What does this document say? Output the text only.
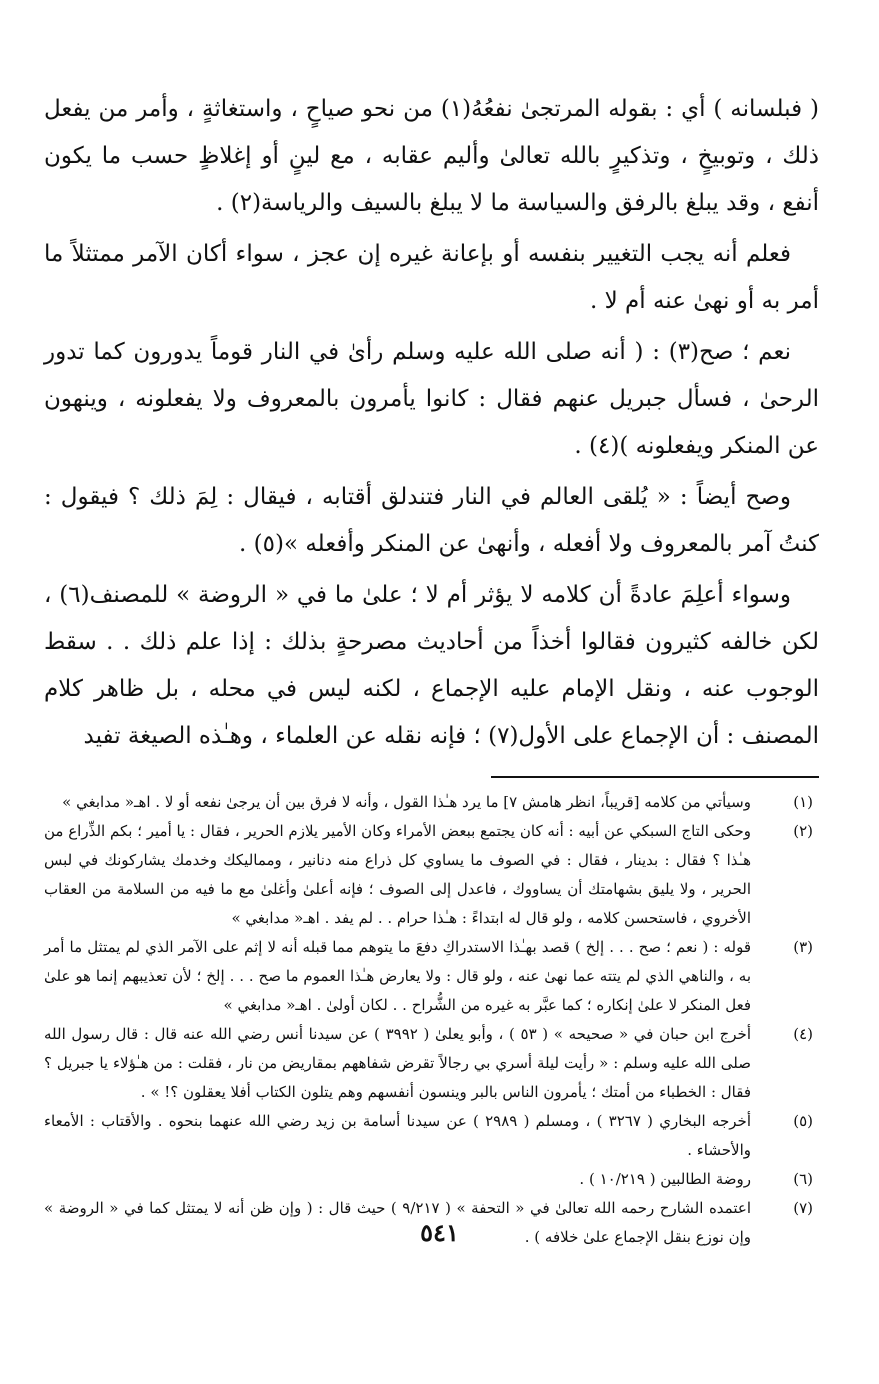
( فبلسانه ) أي : بقوله المرتجىٰ نفعُهُ(١) من نحو صياحٍ ، واستغاثةٍ ، وأمر من يفعل ذلك ، وتوبيخٍ ، وتذكيرٍ بالله تعالىٰ وأليم عقابه ، مع لينٍ أو إغلاظٍ حسب ما يكون أنفع ، وقد يبلغ بالرفق والسياسة ما لا يبلغ بالسيف والرياسة(٢) .

فعلم أنه يجب التغيير بنفسه أو بإعانة غيره إن عجز ، سواء أكان الآمر ممتثلاً ما أمر به أو نهىٰ عنه أم لا .

نعم ؛ صح(٣) : ( أنه صلى الله عليه وسلم رأىٰ في النار قوماً يدورون كما تدور الرحىٰ ، فسأل جبريل عنهم فقال : كانوا يأمرون بالمعروف ولا يفعلونه ، وينهون عن المنكر ويفعلونه )(٤) .

وصح أيضاً : « يُلقى العالم في النار فتندلق أقتابه ، فيقال : لِمَ ذلك ؟ فيقول : كنتُ آمر بالمعروف ولا أفعله ، وأنهىٰ عن المنكر وأفعله »(٥) .

وسواء أعلِمَ عادةً أن كلامه لا يؤثر أم لا ؛ علىٰ ما في « الروضة » للمصنف(٦) ، لكن خالفه كثيرون فقالوا أخذاً من أحاديث مصرحةٍ بذلك : إذا علم ذلك . . سقط الوجوب عنه ، ونقل الإمام عليه الإجماع ، لكنه ليس في محله ، بل ظاهر كلام المصنف : أن الإجماع على الأول(٧) ؛ فإنه نقله عن العلماء ، وهـٰذه الصيغة تفيد

(١)
وسيأتي من كلامه [قريباً، انظر هامش ٧] ما يرد هـٰذا القول ، وأنه لا فرق بين أن يرجىٰ نفعه أو لا . اهـ« مدابغي »
(٢)
وحكى التاج السبكي عن أبيه : أنه كان يجتمع ببعض الأمراء وكان الأمير يلازم الحرير ، فقال : يا أمير ؛ بكم الذِّراع من هـٰذا ؟ فقال : بدينار ، فقال : في الصوف ما يساوي كل ذراع منه دنانير ، ومماليكك وخدمك يشاركونك في لبس الحرير ، ولا يليق بشهامتك أن يساووك ، فاعدل إلى الصوف ؛ فإنه أعلىٰ وأغلىٰ مع ما فيه من السلامة من العقاب الأخروي ، فاستحسن كلامه ، ولو قال له ابتداءً : هـٰذا حرام . . لم يفد . اهـ« مدابغي »
(٣)
قوله : ( نعم ؛ صح . . . إلخ ) قصد بهـٰذا الاستدراكِ دفعَ ما يتوهم مما قبله أنه لا إثم على الآمر الذي لم يمتثل ما أمر به ، والناهي الذي لم يتته عما نهىٰ عنه ، ولو قال : ولا يعارض هـٰذا العموم ما صح . . . إلخ ؛ لأن تعذيبهم إنما هو علىٰ فعل المنكر لا علىٰ إنكاره ؛ كما عبَّر به غيره من الشُّراح . . لكان أولىٰ . اهـ« مدابغي »
(٤)
أخرج ابن حبان في « صحيحه » ( ٥٣ ) ، وأبو يعلىٰ ( ٣٩٩٢ ) عن سيدنا أنس رضي الله عنه قال : قال رسول الله صلى الله عليه وسلم : « رأيت ليلة أسري بي رجالاً تقرض شفاههم بمقاريض من نار ، فقلت : من هـٰؤلاء يا جبريل ؟ فقال : الخطباء من أمتك ؛ يأمرون الناس بالبر وينسون أنفسهم وهم يتلون الكتاب أفلا يعقلون ؟! » .
(٥)
أخرجه البخاري ( ٣٢٦٧ ) ، ومسلم ( ٢٩٨٩ ) عن سيدنا أسامة بن زيد رضي الله عنهما بنحوه . والأقتاب : الأمعاء والأحشاء .
(٦)
روضة الطالبين ( ١٠/٢١٩ ) .
(٧)
اعتمده الشارح رحمه الله تعالىٰ في « التحفة » ( ٩/٢١٧ ) حيث قال : ( وإن ظن أنه لا يمتثل كما في « الروضة » وإن نوزع بنقل الإجماع علىٰ خلافه ) .
٥٤١
